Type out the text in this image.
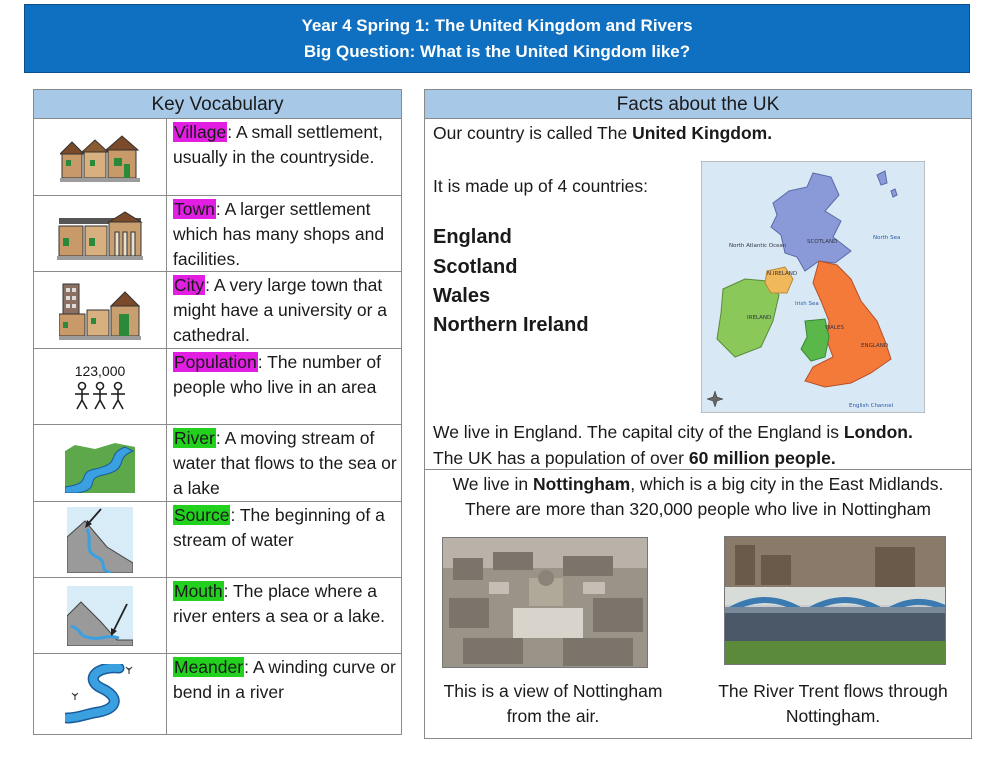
Year 4 Spring 1: The United Kingdom and Rivers
Big Question: What is the United Kingdom like?
Key Vocabulary
Village: A small settlement, usually in the countryside.
Town: A larger settlement which has many shops and facilities.
City: A very large town that might have a university or a cathedral.
123,000	Population: The number of people who live in an area
River: A moving stream of water that flows to the sea or a lake
Source: The beginning of a stream of water
Mouth: The place where a river enters a sea or a lake.
Meander: A winding curve or bend in a river
Facts about the UK
Our country is called The United Kingdom.
It is made up of 4 countries:
England
Scotland
Wales
Northern Ireland
North Atlantic Ocean
North Sea
SCOTLAND
N.IRELAND
Irish Sea
IRELAND
WALES
ENGLAND
English Channel
We live in England. The capital city of the England is London.
The UK has a population of over 60 million people.
We live in Nottingham, which is a big city in the East Midlands.
There are more than 320,000 people who live in Nottingham
This is a view of Nottingham
from the air.
The River Trent flows through
Nottingham.
